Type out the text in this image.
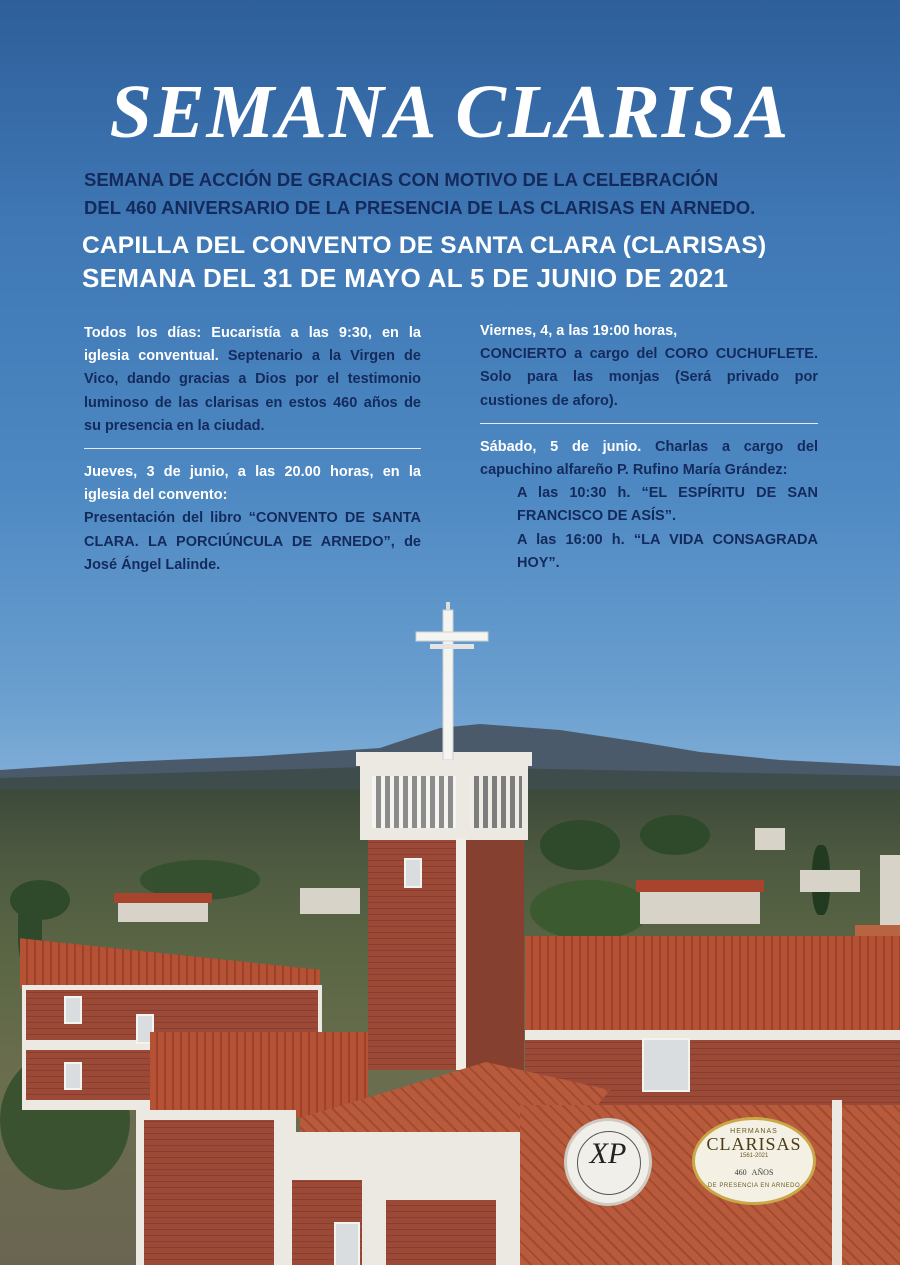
XP
HERMANAS
CLARISAS
1561-2021
460 AÑOS
DE PRESENCIA EN ARNEDO
SEMANA CLARISA
SEMANA DE ACCIÓN DE GRACIAS CON MOTIVO DE LA CELEBRACIÓN
DEL 460 ANIVERSARIO DE LA PRESENCIA DE LAS CLARISAS EN ARNEDO.
CAPILLA DEL CONVENTO DE SANTA CLARA (CLARISAS)
SEMANA DEL 31 DE MAYO AL 5 DE JUNIO DE 2021

Todos los días: Eucaristía a las 9:30, en la iglesia conventual. Septenario a la Virgen de Vico, dando gracias a Dios por el testimonio luminoso de las clarisas en estos 460 años de su presencia en la ciudad.

Jueves, 3 de junio, a las 20.00 horas, en la iglesia del convento:

Presentación del libro “CONVENTO DE SANTA CLARA. LA PORCIÚNCULA DE ARNEDO”, de José Ángel Lalinde.

Viernes, 4, a las 19:00 horas,

CONCIERTO a cargo del CORO CUCHUFLETE. Solo para las monjas (Será privado por custiones de aforo).

Sábado, 5 de junio. Charlas a cargo del capuchino alfareño P. Rufino María Grández:

A las 10:30 h. “EL ESPÍRITU DE SAN FRANCISCO DE ASÍS”.

A las 16:00 h. “LA VIDA CONSAGRADA HOY”.
